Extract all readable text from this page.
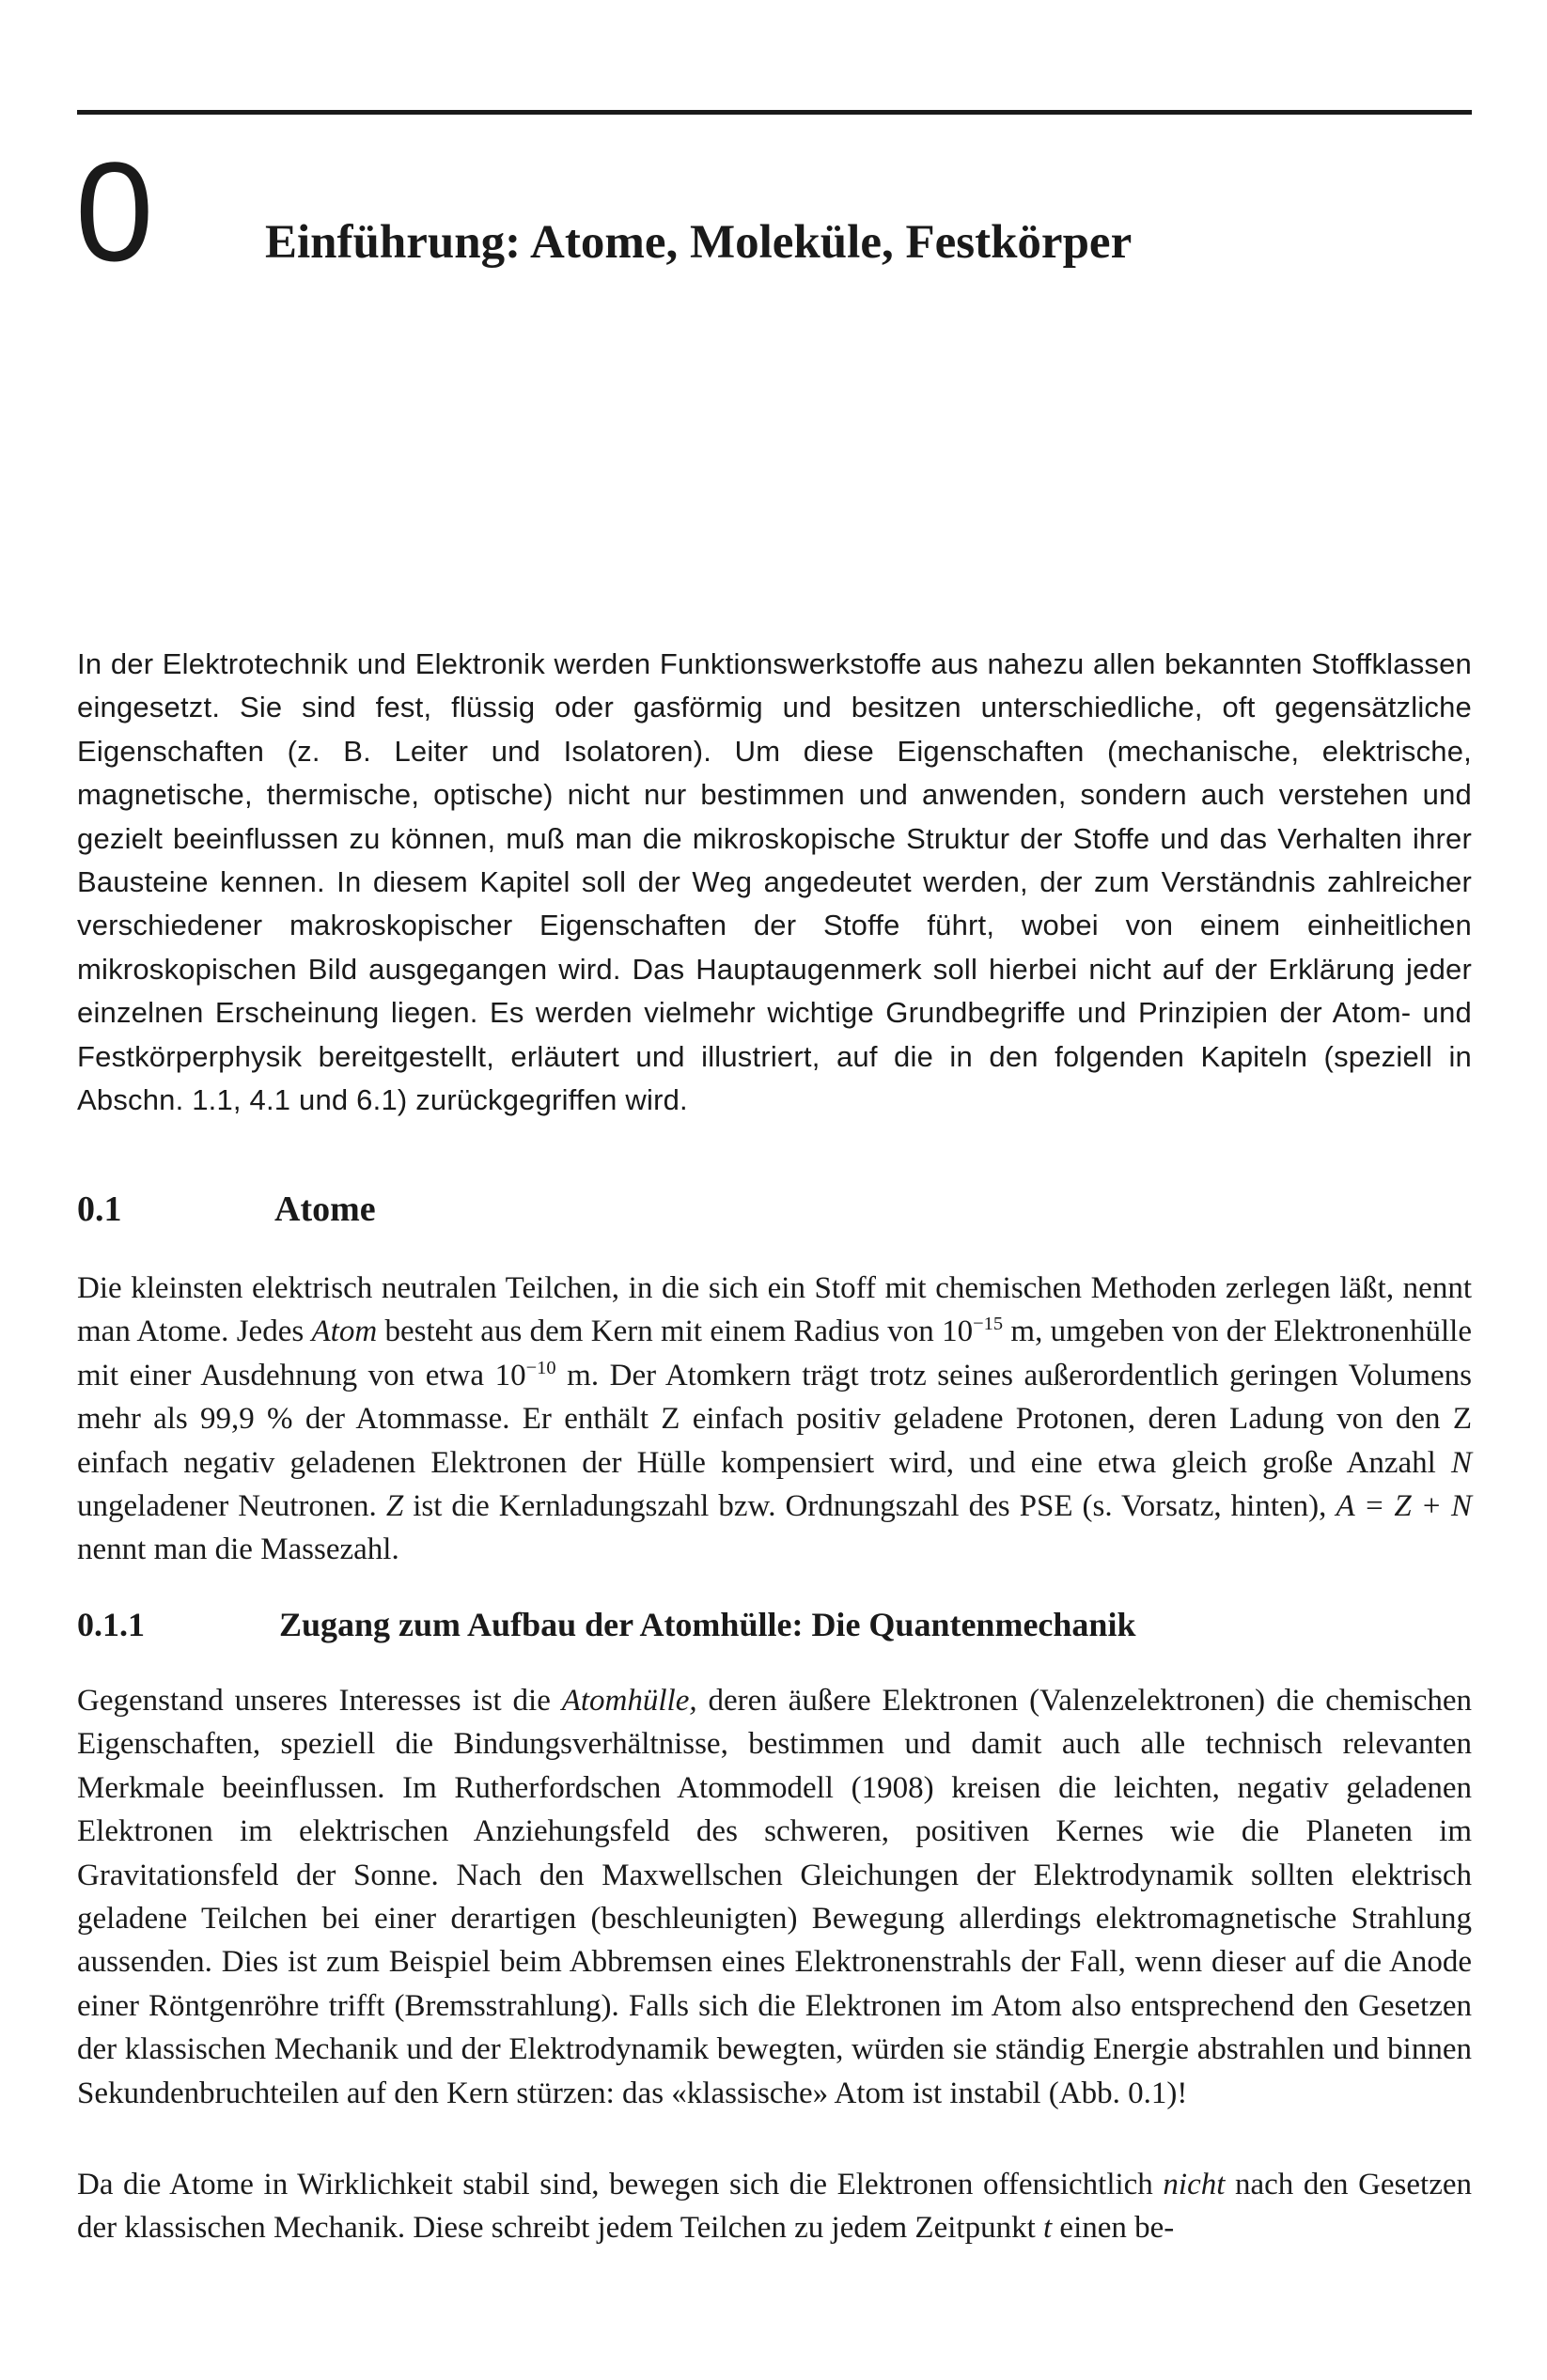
0 Einführung: Atome, Moleküle, Festkörper

In der Elektrotechnik und Elektronik werden Funktionswerkstoffe aus nahezu allen bekannten Stoffklassen eingesetzt. Sie sind fest, flüssig oder gasförmig und besitzen unterschiedliche, oft gegensätzliche Eigenschaften (z. B. Leiter und Isolatoren). Um diese Eigenschaften (mechanische, elektrische, magnetische, thermische, optische) nicht nur bestimmen und anwenden, sondern auch verstehen und gezielt beeinflussen zu können, muß man die mikroskopische Struktur der Stoffe und das Verhalten ihrer Bausteine kennen. In diesem Kapitel soll der Weg angedeutet werden, der zum Verständnis zahlreicher verschiedener makroskopischer Eigenschaften der Stoffe führt, wobei von einem einheitlichen mikroskopischen Bild ausgegangen wird. Das Hauptaugenmerk soll hierbei nicht auf der Erklärung jeder einzelnen Erscheinung liegen. Es werden vielmehr wichtige Grundbegriffe und Prinzipien der Atom- und Festkörperphysik bereitgestellt, erläutert und illustriert, auf die in den folgenden Kapiteln (speziell in Abschn. 1.1, 4.1 und 6.1) zurückgegriffen wird.

0.1	Atome

Die kleinsten elektrisch neutralen Teilchen, in die sich ein Stoff mit chemischen Methoden zerlegen läßt, nennt man Atome. Jedes Atom besteht aus dem Kern mit einem Radius von $10^{-15}$ m, umgeben von der Elektronenhülle mit einer Ausdehnung von etwa $10^{-10}$ m. Der Atomkern trägt trotz seines außerordentlich geringen Volumens mehr als 99,9 % der Atommasse. Er enthält Z einfach positiv geladene Protonen, deren Ladung von den Z einfach negativ geladenen Elektronen der Hülle kompensiert wird, und eine etwa gleich große Anzahl N ungeladener Neutronen. Z ist die Kernladungszahl bzw. Ordnungszahl des PSE (s. Vorsatz, hinten), A = Z + N nennt man die Massezahl.

0.1.1	Zugang zum Aufbau der Atomhülle: Die Quantenmechanik

Gegenstand unseres Interesses ist die Atomhülle, deren äußere Elektronen (Valenzelektronen) die chemischen Eigenschaften, speziell die Bindungsverhältnisse, bestimmen und damit auch alle technisch relevanten Merkmale beeinflussen. Im Rutherfordschen Atommodell (1908) kreisen die leichten, negativ geladenen Elektronen im elektrischen Anziehungsfeld des schweren, positiven Kernes wie die Planeten im Gravitationsfeld der Sonne. Nach den Maxwellschen Gleichungen der Elektrodynamik sollten elektrisch geladene Teilchen bei einer derartigen (beschleunigten) Bewegung allerdings elektromagnetische Strahlung aussenden. Dies ist zum Beispiel beim Abbremsen eines Elektronenstrahls der Fall, wenn dieser auf die Anode einer Röntgenröhre trifft (Bremsstrahlung). Falls sich die Elektronen im Atom also entsprechend den Gesetzen der klassischen Mechanik und der Elektrodynamik bewegten, würden sie ständig Energie abstrahlen und binnen Sekundenbruchteilen auf den Kern stürzen: das «klassische» Atom ist instabil (Abb. 0.1)!

Da die Atome in Wirklichkeit stabil sind, bewegen sich die Elektronen offensichtlich nicht nach den Gesetzen der klassischen Mechanik. Diese schreibt jedem Teilchen zu jedem Zeitpunkt t einen be-
